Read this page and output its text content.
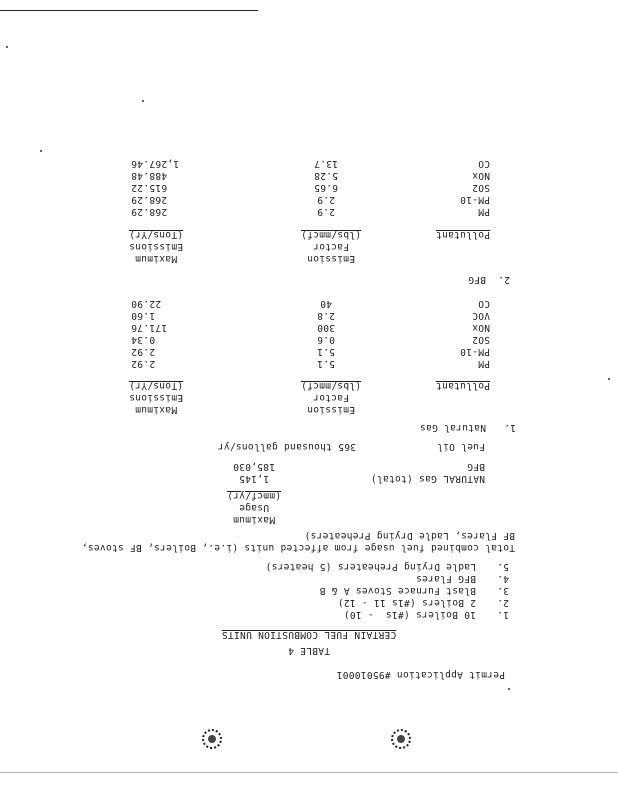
Permit Application #95010001
TABLE 4
CERTAIN FUEL COMBUSTION UNITS
1.
10 Boilers (#1s  - 10)
2.
2 Boilers (#1s 11 - 12)
3.
Blast Furnace Stoves A & B
4.
BFG Flares
5.
Ladle Drying Preheaters (5 heaters)
Total combined fuel usage from affected units (i.e., Boilers, BF stoves,
BF Flares, Ladle Drying Preheaters)
Maximum
Usage
(mmcf/yr)
NATURAL Gas (total)
1,145
BFG
185,030
Fuel Oil
365 thousand gallons/yr
1.
Natural Gas
Emission
Factor
(lbs/mmcf)
Maximum
Emissions
(Tons/Yr)	Pollutant
PM
5.1
2.92
PM-10
5.1
2.92
SO2
0.6
0.34
NOx
300
171.76
VOC
2.8
1.60
CO
40
22.90
2.
BFG
Emission
Factor
(lbs/mmcf)
Maximum
Emissions
(Tons/Yr)	Pollutant
PM
2.9
268.29
PM-10
2.9
268.29
SO2
6.65
615.22
NOx
5.28
488.48
CO
13.7
1,267.46
